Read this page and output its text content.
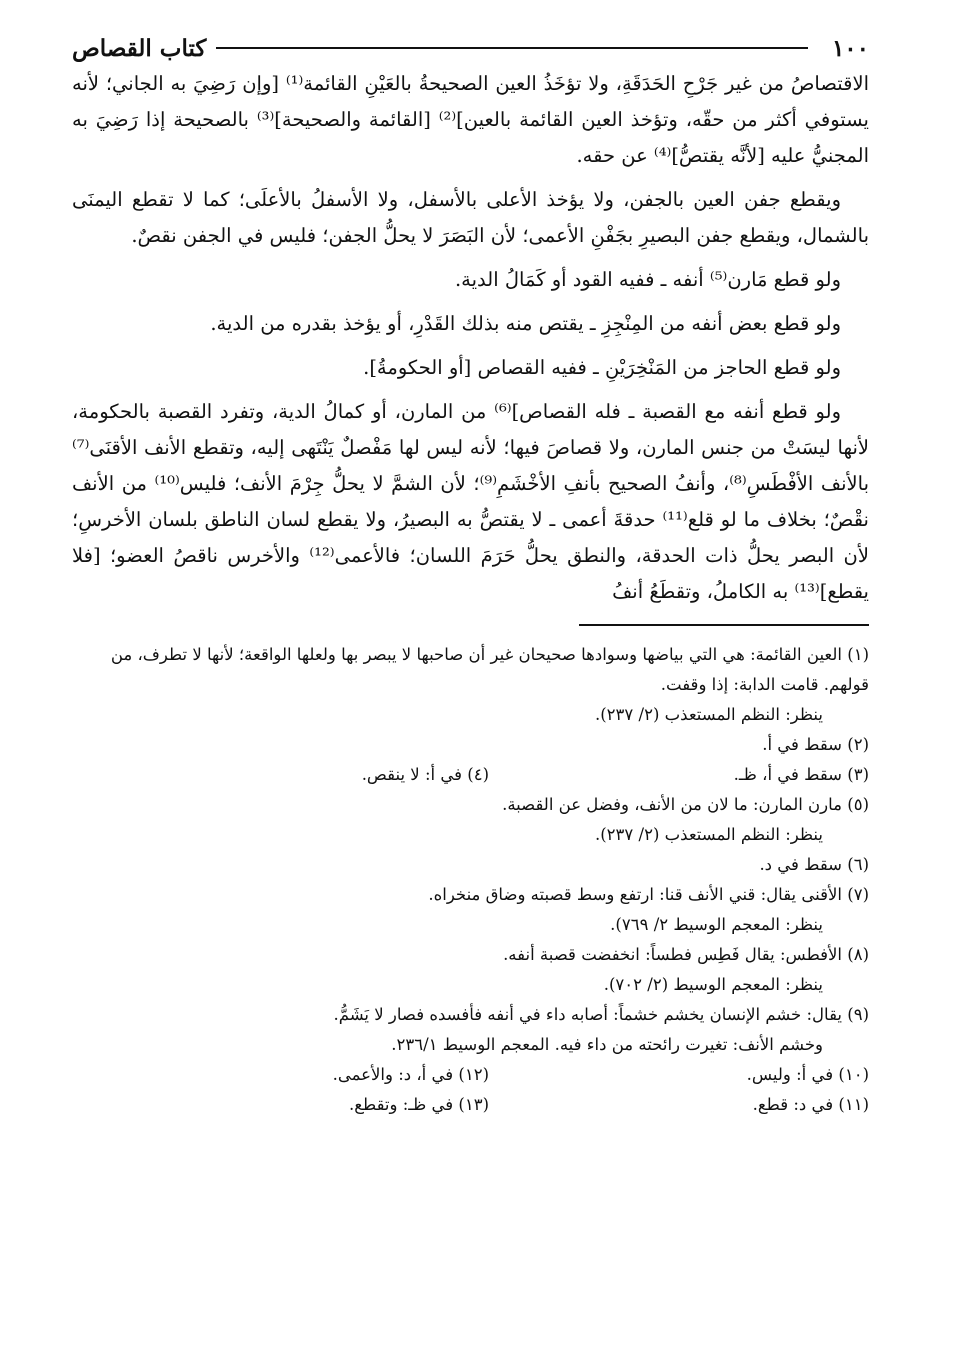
١٠٠
كتاب القصاص

الاقتصاصُ من غير جَرْحِ الحَدَقَةِ، ولا تؤخَذُ العين الصحيحةُ بالعَيْنِ القائمة⁽¹⁾ [وإن رَضِيَ به الجاني؛ لأنه يستوفي أكثر من حقّه، وتؤخذ العين القائمة بالعين]⁽²⁾ [القائمة والصحيحة]⁽³⁾ بالصحيحة إذا رَضِيَ به المجنيُّ عليه [لأنَّه يقتصُّ]⁽⁴⁾ عن حقه.

ويقطع جفن العين بالجفن، ولا يؤخذ الأعلى بالأسفل، ولا الأسفلُ بالأعلَى؛ كما لا تقطع اليمنَى بالشمال، ويقطع جفن البصيرِ بجَفْنِ الأعمى؛ لأن البَصَرَ لا يحلُّ الجفن؛ فليس في الجفن نقصٌ.

ولو قطع مَارن⁽⁵⁾ أنفه ـ ففيه القود أو كَمَالُ الدية.

ولو قطع بعض أنفه من المِنْجِزِ ـ يقتص منه بذلك القَدْرِ، أو يؤخذ بقدره من الدية.

ولو قطع الحاجز من المَنْخِرَيْنِ ـ ففيه القصاص [أو الحكومةُ].

ولو قطع أنفه مع القصبة ـ فله القصاص]⁽⁶⁾ من المارن، أو كمالُ الدية، وتفرد القصبة بالحكومة، لأنها ليسَتْ من جنس المارن، ولا قصاصَ فيها؛ لأنه ليس لها مَفْصلٌ يَنْتَهى إليه، وتقطع الأنف الأقنَى⁽⁷⁾ بالأنف الأفْطَسِ⁽⁸⁾، وأنفُ الصحيح بأنفِ الأخْشَمِ⁽⁹⁾؛ لأن الشمَّ لا يحلُّ جِرْمَ الأنف؛ فليس⁽¹⁰⁾ من الأنف نقْصٌ؛ بخلاف ما لو قلع⁽¹¹⁾ حدقةَ أعمى ـ لا يقتصُّ به البصيرُ، ولا يقطع لسان الناطق بلسان الأخرسِ؛ لأن البصر يحلُّ ذات الحدقة، والنطق يحلُّ حَرَمَ اللسان؛ فالأعمى⁽¹²⁾ والأخرس ناقصُ العضو؛ [فلا يقطع]⁽¹³⁾ به الكاملُ، وتقطَعُ أنفُ

(١) العين القائمة: هي التي بياضها وسوادها صحيحان غير أن صاحبها لا يبصر بها ولعلها الواقعة؛ لأنها لا تطرف، من قولهم. قامت الدابة: إذا وقفت.

ينظر: النظم المستعذب (٢/ ٢٣٧).

(٢) سقط في أ.

(٣) سقط في أ، ظـ.
(٤) في أ: لا ينقص.

(٥) مارن المارن: ما لان من الأنف، وفضل عن القصبة.

ينظر: النظم المستعذب (٢/ ٢٣٧).

(٦) سقط في د.

(٧) الأقنى يقال: قني الأنف قنا: ارتفع وسط قصبته وضاق منخراه.

ينظر: المعجم الوسيط ٢/ ٧٦٩).

(٨) الأفطس: يقال فَطِس فطساً: انخفضت قصبة أنفه.

ينظر: المعجم الوسيط (٢/ ٧٠٢).

(٩) يقال: خشم الإنسان يخشم خشماً: أصابه داء في أنفه فأفسده فصار لا يَشَمُّ.

وخشم الأنف: تغيرت رائحته من داء فيه. المعجم الوسيط ٢٣٦/١.

(١٠) في أ: وليس.
(١٢) في أ، د: والأعمى.
(١١) في د: قطع.
(١٣) في ظـ: وتقطع.
